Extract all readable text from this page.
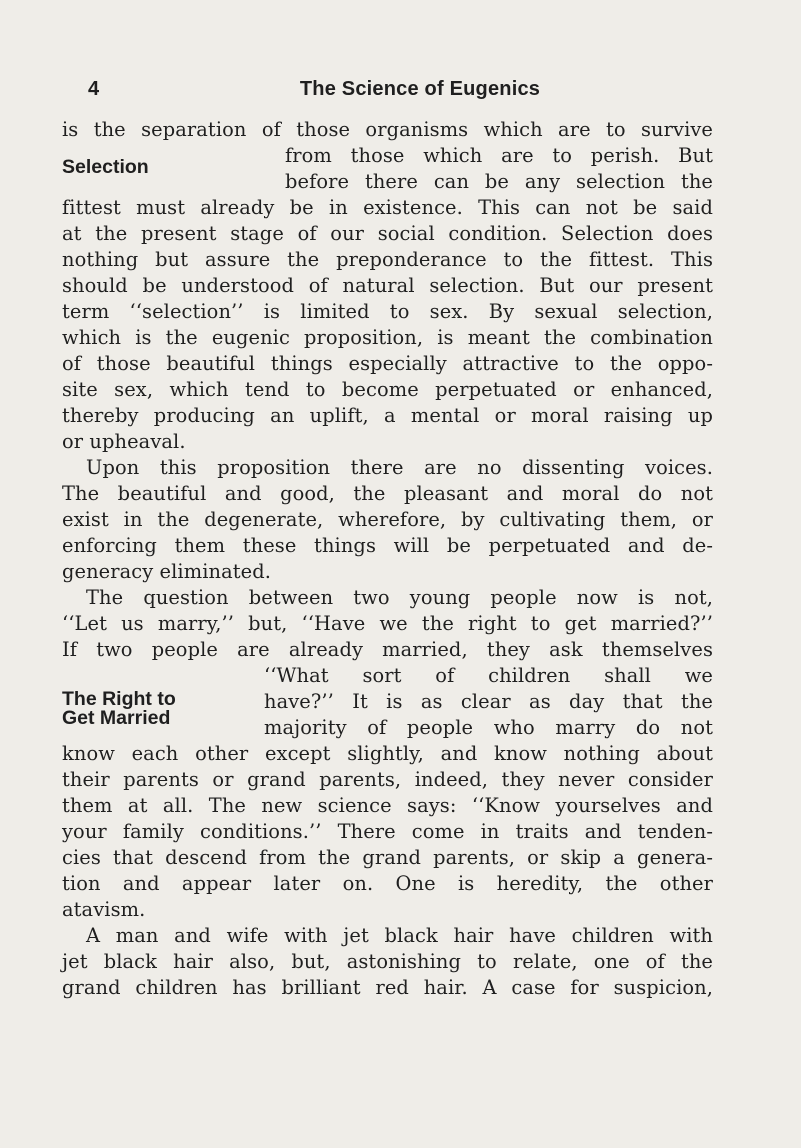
4	The Science of Eugenics
Selection
The Right to
Get Married
is the separation of those organisms which are to survive
from those which are to perish. But
before there can be any selection the
fittest must already be in existence. This can not be said
at the present stage of our social condition. Selection does
nothing but assure the preponderance to the fittest. This
should be understood of natural selection. But our present
term ‘‘selection’’ is limited to sex. By sexual selection,
which is the eugenic proposition, is meant the combination
of those beautiful things especially attractive to the oppo-
site sex, which tend to become perpetuated or enhanced,
thereby producing an uplift, a mental or moral raising up
or upheaval.
Upon this proposition there are no dissenting voices.
The beautiful and good, the pleasant and moral do not
exist in the degenerate, wherefore, by cultivating them, or
enforcing them these things will be perpetuated and de-
generacy eliminated.
The question between two young people now is not,
‘‘Let us marry,’’ but, ‘‘Have we the right to get married?’’
If two people are already married, they ask themselves
‘‘What sort of children shall we
have?’’ It is as clear as day that the
majority of people who marry do not
know each other except slightly, and know nothing about
their parents or grand parents, indeed, they never consider
them at all. The new science says: ‘‘Know yourselves and
your family conditions.’’ There come in traits and tenden-
cies that descend from the grand parents, or skip a genera-
tion and appear later on. One is heredity, the other
atavism.
A man and wife with jet black hair have children with
jet black hair also, but, astonishing to relate, one of the
grand children has brilliant red hair. A case for suspicion,
